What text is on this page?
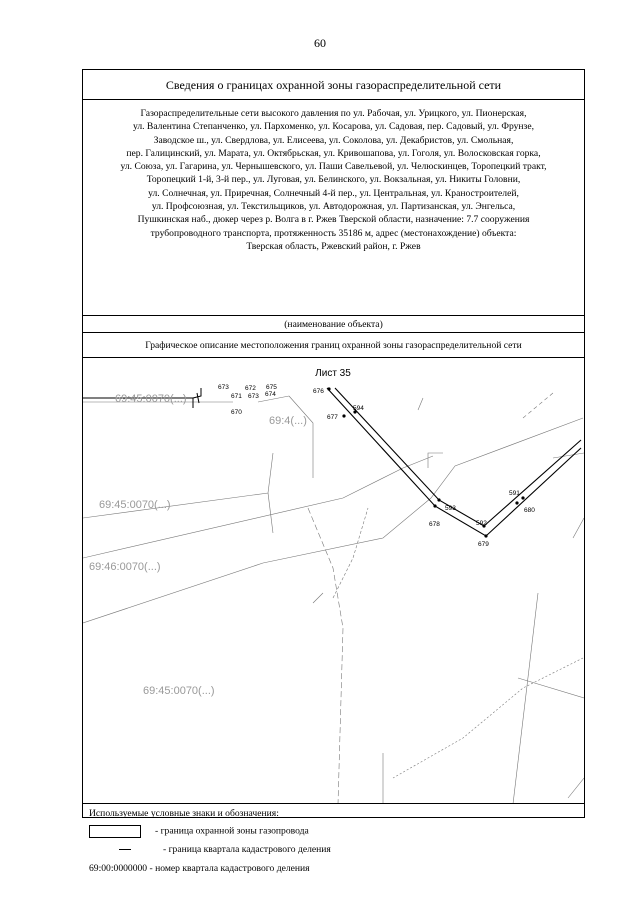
60
Сведения о границах охранной зоны газораспределительной сети
Газораспределительные сети высокого давления по ул. Рабочая, ул. Урицкого, ул. Пионерская,
ул. Валентина Степанченко, ул. Пархоменко, ул. Косарова, ул. Садовая, пер. Садовый, ул. Фрунзе,
Заводское ш., ул. Свердлова, ул. Елисеева, ул. Соколова, ул. Декабристов, ул. Смольная,
пер. Галицинский, ул. Марата, ул. Октябрьская, ул. Кривошапова, ул. Гоголя, ул. Волосковская горка,
ул. Союза, ул. Гагарина, ул. Чернышевского, ул. Паши Савельевой, ул. Челюскинцев, Торопецкий тракт,
Торопецкий 1-й, 3-й пер., ул. Луговая, ул. Белинского, ул. Вокзальная, ул. Никиты Головни,
ул. Солнечная, ул. Приречная, Солнечный 4-й пер., ул. Центральная, ул. Краностроителей,
ул. Профсоюзная, ул. Текстильщиков, ул. Автодорожная, ул. Партизанская, ул. Энгельса,
Пушкинская наб., дюкер через р. Волга в г. Ржев Тверской области, назначение: 7.7 сооружения
трубопроводного транспорта, протяженность 35186 м, адрес (местонахождение) объекта:
Тверская область, Ржевский район, г. Ржев
(наименование объекта)
Графическое описание местоположения границ охранной зоны газораспределительной сети
Лист 35
69:45:0070(...)
69:4(...)
69:45:0070(...)
69:46:0070(...)
69:45:0070(...)
670
671
672
673 674
675
676
677
594
593
678	592
679
591
680
673
Используемые условные знаки и обозначения:
- граница охранной зоны газопровода
- граница квартала кадастрового деления
69:00:0000000 - номер квартала кадастрового деления
